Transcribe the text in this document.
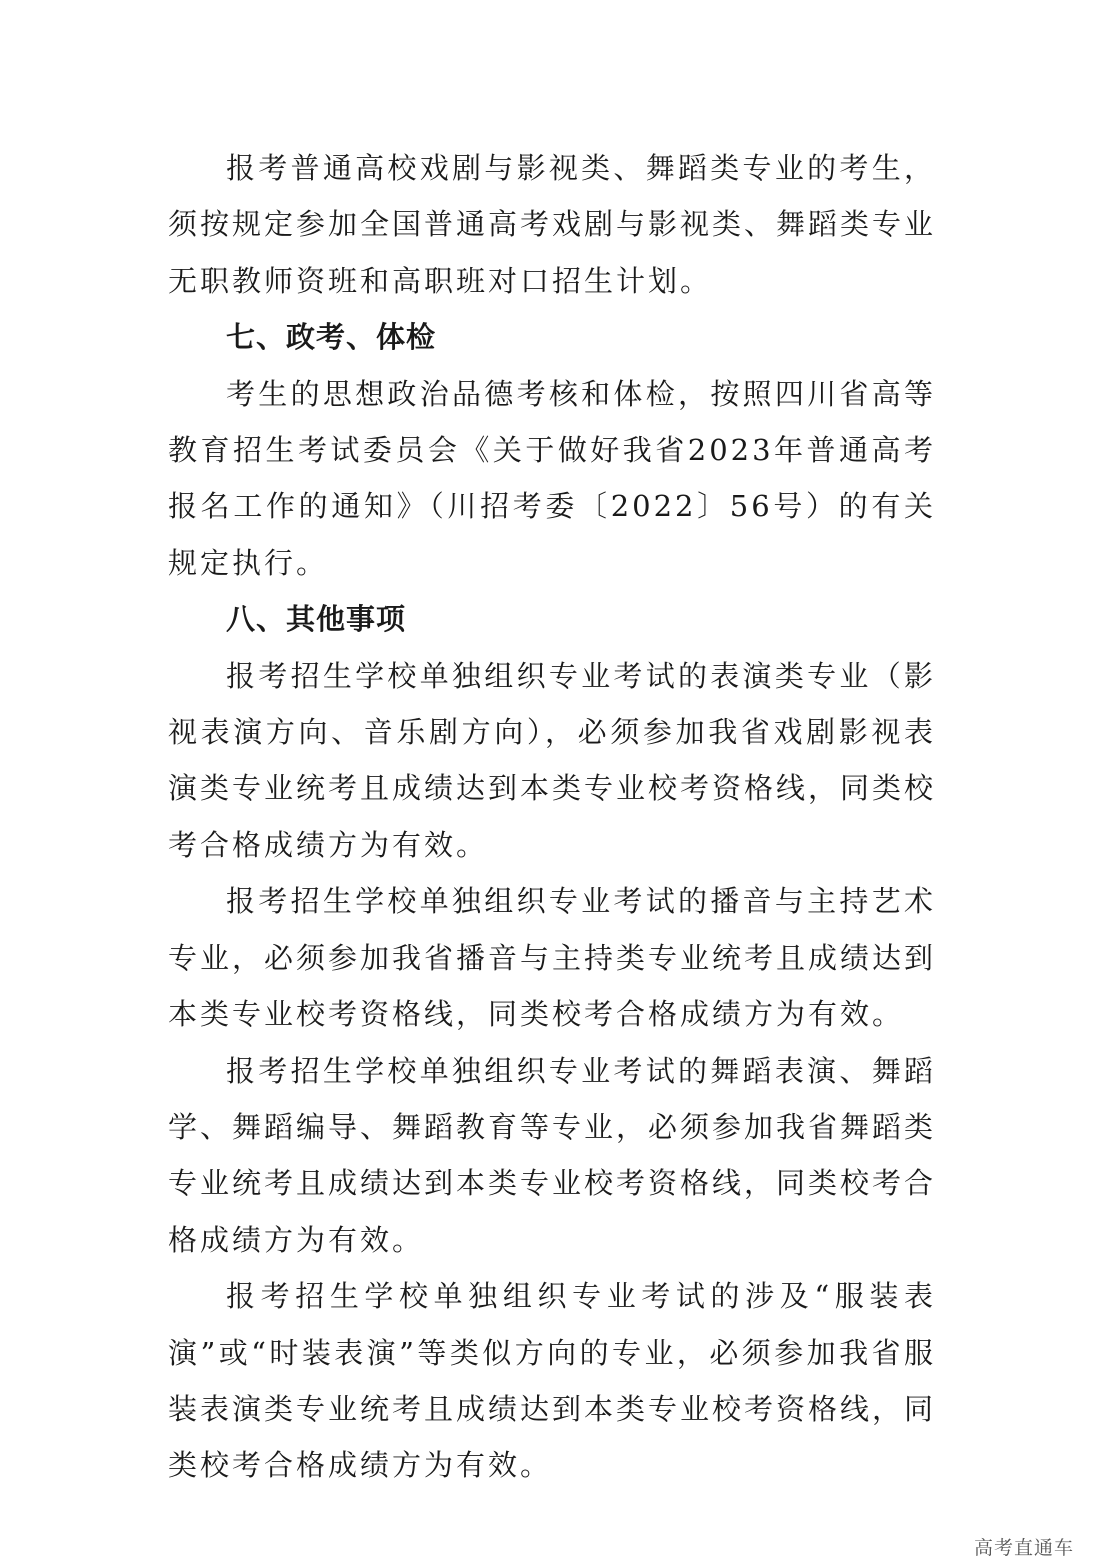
报考普通高校戏剧与影视类、舞蹈类专业的考生，须按规定参加全国普通高考戏剧与影视类、舞蹈类专业无职教师资班和高职班对口招生计划。

七、政考、体检

考生的思想政治品德考核和体检，按照四川省高等教育招生考试委员会《关于做好我省2023年普通高考报名工作的通知》（川招考委〔2022〕56号）的有关规定执行。

八、其他事项

报考招生学校单独组织专业考试的表演类专业（影视表演方向、音乐剧方向），必须参加我省戏剧影视表演类专业统考且成绩达到本类专业校考资格线，同类校考合格成绩方为有效。

报考招生学校单独组织专业考试的播音与主持艺术专业，必须参加我省播音与主持类专业统考且成绩达到本类专业校考资格线，同类校考合格成绩方为有效。

报考招生学校单独组织专业考试的舞蹈表演、舞蹈学、舞蹈编导、舞蹈教育等专业，必须参加我省舞蹈类专业统考且成绩达到本类专业校考资格线，同类校考合格成绩方为有效。

报考招生学校单独组织专业考试的涉及“服装表演”或“时装表演”等类似方向的专业，必须参加我省服装表演类专业统考且成绩达到本类专业校考资格线，同类校考合格成绩方为有效。

高考直通车
